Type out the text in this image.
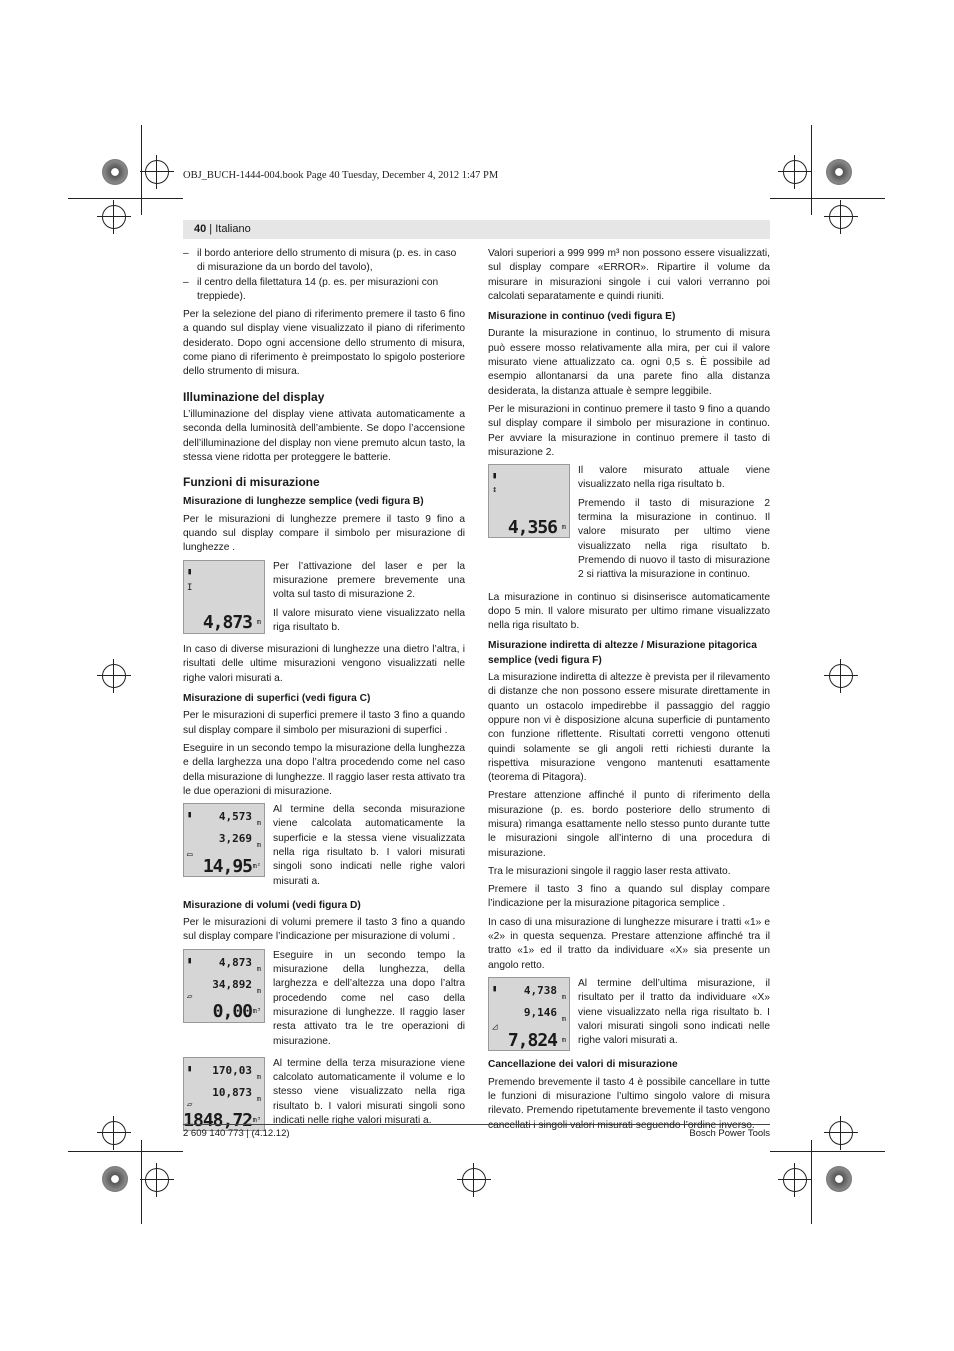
OBJ_BUCH-1444-004.book Page 40 Tuesday, December 4, 2012 1:47 PM
40 | Italiano
– il bordo anteriore dello strumento di misura (p. es. in caso di misurazione da un bordo del tavolo),
– il centro della filettatura 14 (p. es. per misurazioni con treppiede).

Per la selezione del piano di riferimento premere il tasto 6 fino a quando sul display viene visualizzato il piano di riferimento desiderato. Dopo ogni accensione dello strumento di misura, come piano di riferimento è preimpostato lo spigolo posteriore dello strumento di misura.

Illuminazione del display

L’illuminazione del display viene attivata automaticamente a seconda della luminosità dell’ambiente. Se dopo l’accensione dell’illuminazione del display non viene premuto alcun tasto, la stessa viene ridotta per proteggere le batterie.

Funzioni di misurazione
Misurazione di lunghezze semplice (vedi figura B)

Per le misurazioni di lunghezze premere il tasto 9 fino a quando sul display compare il simbolo per misurazione di lunghezze .

▮
I
4,873 m

Per l’attivazione del laser e per la misurazione premere brevemente una volta sul tasto di misurazione 2.

Il valore misurato viene visualizzato nella riga risultato b.

In caso di diverse misurazioni di lunghezze una dietro l’altra, i risultati delle ultime misurazioni vengono visualizzati nelle righe valori misurati a.

Misurazione di superfici (vedi figura C)

Per le misurazioni di superfici premere il tasto 3 fino a quando sul display compare il simbolo per misurazioni di superfici .

Eseguire in un secondo tempo la misurazione della lunghezza e della larghezza una dopo l’altra procedendo come nel caso della misurazione di lunghezze. Il raggio laser resta attivato tra le due operazioni di misurazione.

▮ 4,573 m
3,269 m
▭
14,95 m²

Al termine della seconda misurazione viene calcolata automaticamente la superficie e la stessa viene visualizzata nella riga risultato b. I valori misurati singoli sono indicati nelle righe valori misurati a.

Misurazione di volumi (vedi figura D)

Per le misurazioni di volumi premere il tasto 3 fino a quando sul display compare l’indicazione per misurazione di volumi .

▮ 4,873 m
34,892 m
▱
0,00 m³

Eseguire in un secondo tempo la misurazione della lunghezza, della larghezza e dell’altezza una dopo l’altra procedendo come nel caso della misurazione di lunghezze. Il raggio laser resta attivato tra le tre operazioni di misurazione.

▮ 170,03 m
10,873 m
▱
1848,72 m³

Al termine della terza misurazione viene calcolato automaticamente il volume e lo stesso viene visualizzato nella riga risultato b. I valori misurati singoli sono indicati nelle righe valori misurati a.

Valori superiori a 999 999 m³ non possono essere visualizzati, sul display compare «ERROR». Ripartire il volume da misurare in misurazioni singole i cui valori verranno poi calcolati separatamente e quindi riuniti.

Misurazione in continuo (vedi figura E)

Durante la misurazione in continuo, lo strumento di misura può essere mosso relativamente alla mira, per cui il valore misurato viene attualizzato ca. ogni 0,5 s. È possibile ad esempio allontanarsi da una parete fino alla distanza desiderata, la distanza attuale è sempre leggibile.

Per le misurazioni in continuo premere il tasto 9 fino a quando sul display compare il simbolo per misurazione in continuo. Per avviare la misurazione in continuo premere il tasto di misurazione 2.

▮
↕
4,356 m

Il valore misurato attuale viene visualizzato nella riga risultato b.

Premendo il tasto di misurazione 2 termina la misurazione in continuo. Il valore misurato per ultimo viene visualizzato nella riga risultato b. Premendo di nuovo il tasto di misurazione 2 si riattiva la misurazione in continuo.

La misurazione in continuo si disinserisce automaticamente dopo 5 min. Il valore misurato per ultimo rimane visualizzato nella riga risultato b.

Misurazione indiretta di altezze / Misurazione pitagorica semplice (vedi figura F)

La misurazione indiretta di altezze è prevista per il rilevamento di distanze che non possono essere misurate direttamente in quanto un ostacolo impedirebbe il passaggio del raggio oppure non vi è disposizione alcuna superficie di puntamento con funzione riflettente. Risultati corretti vengono ottenuti quindi solamente se gli angoli retti richiesti durante la rispettiva misurazione vengono mantenuti esattamente (teorema di Pitagora).

Prestare attenzione affinché il punto di riferimento della misurazione (p. es. bordo posteriore dello strumento di misura) rimanga esattamente nello stesso punto durante tutte le misurazioni singole all’interno di una procedura di misurazione.

Tra le misurazioni singole il raggio laser resta attivato.

Premere il tasto 3 fino a quando sul display compare l’indicazione per la misurazione pitagorica semplice .

In caso di una misurazione di lunghezze misurare i tratti «1» e «2» in questa sequenza. Prestare attenzione affinché tra il tratto «1» ed il tratto da individuare «X» sia presente un angolo retto.

▮ 4,738 m
9,146 m
◿
7,824 m

Al termine dell’ultima misurazione, il risultato per il tratto da individuare «X» viene visualizzato nella riga risultato b. I valori misurati singoli sono indicati nelle righe valori misurati a.

Cancellazione dei valori di misurazione

Premendo brevemente il tasto 4 è possibile cancellare in tutte le funzioni di misurazione l’ultimo singolo valore di misura rilevato. Premendo ripetutamente brevemente il tasto vengono cancellati i singoli valori misurati seguendo l’ordine inverso.

2 609 140 773 | (4.12.12)	Bosch Power Tools
